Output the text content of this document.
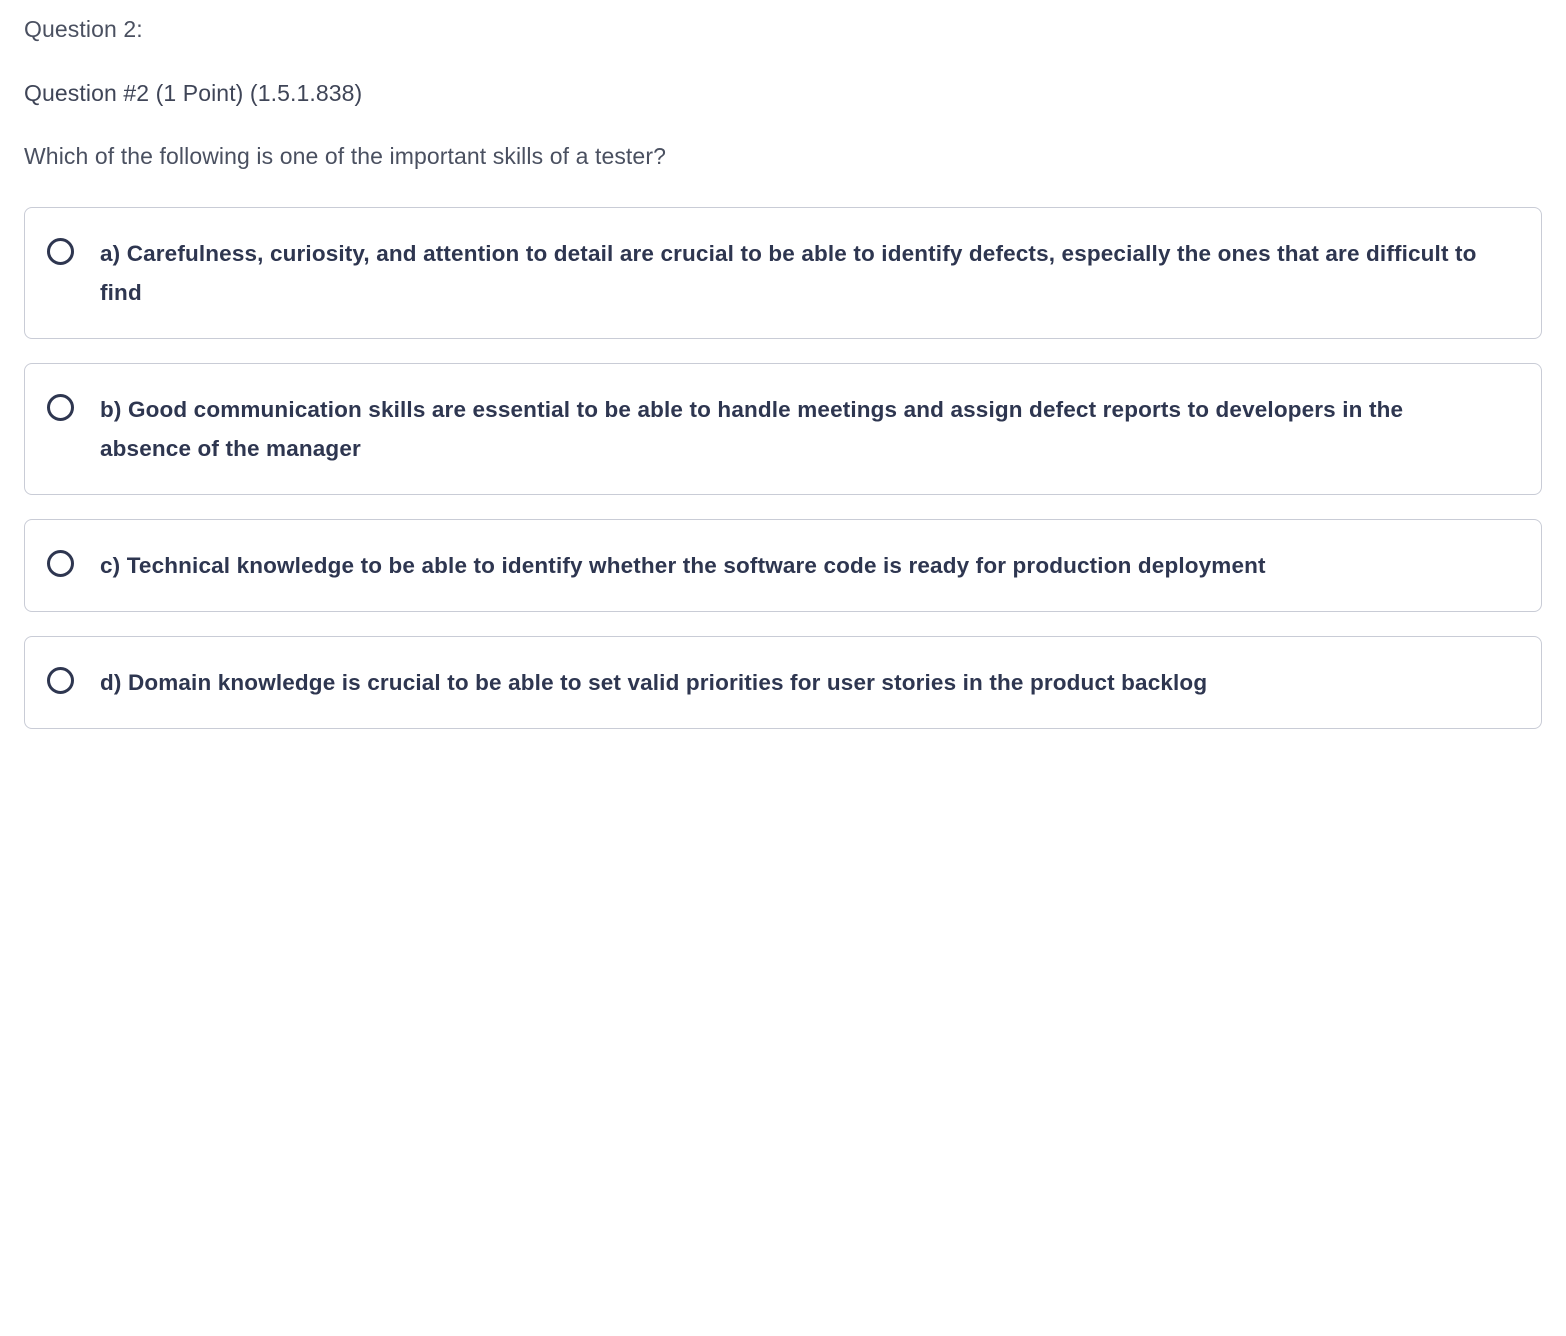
Question 2:
Question #2 (1 Point) (1.5.1.838)
Which of the following is one of the important skills of a tester?
a) Carefulness, curiosity, and attention to detail are crucial to be able to identify defects, especially the ones that are difficult to find
b) Good communication skills are essential to be able to handle meetings and assign defect reports to developers in the absence of the manager
c) Technical knowledge to be able to identify whether the software code is ready for production deployment
d) Domain knowledge is crucial to be able to set valid priorities for user stories in the product backlog
